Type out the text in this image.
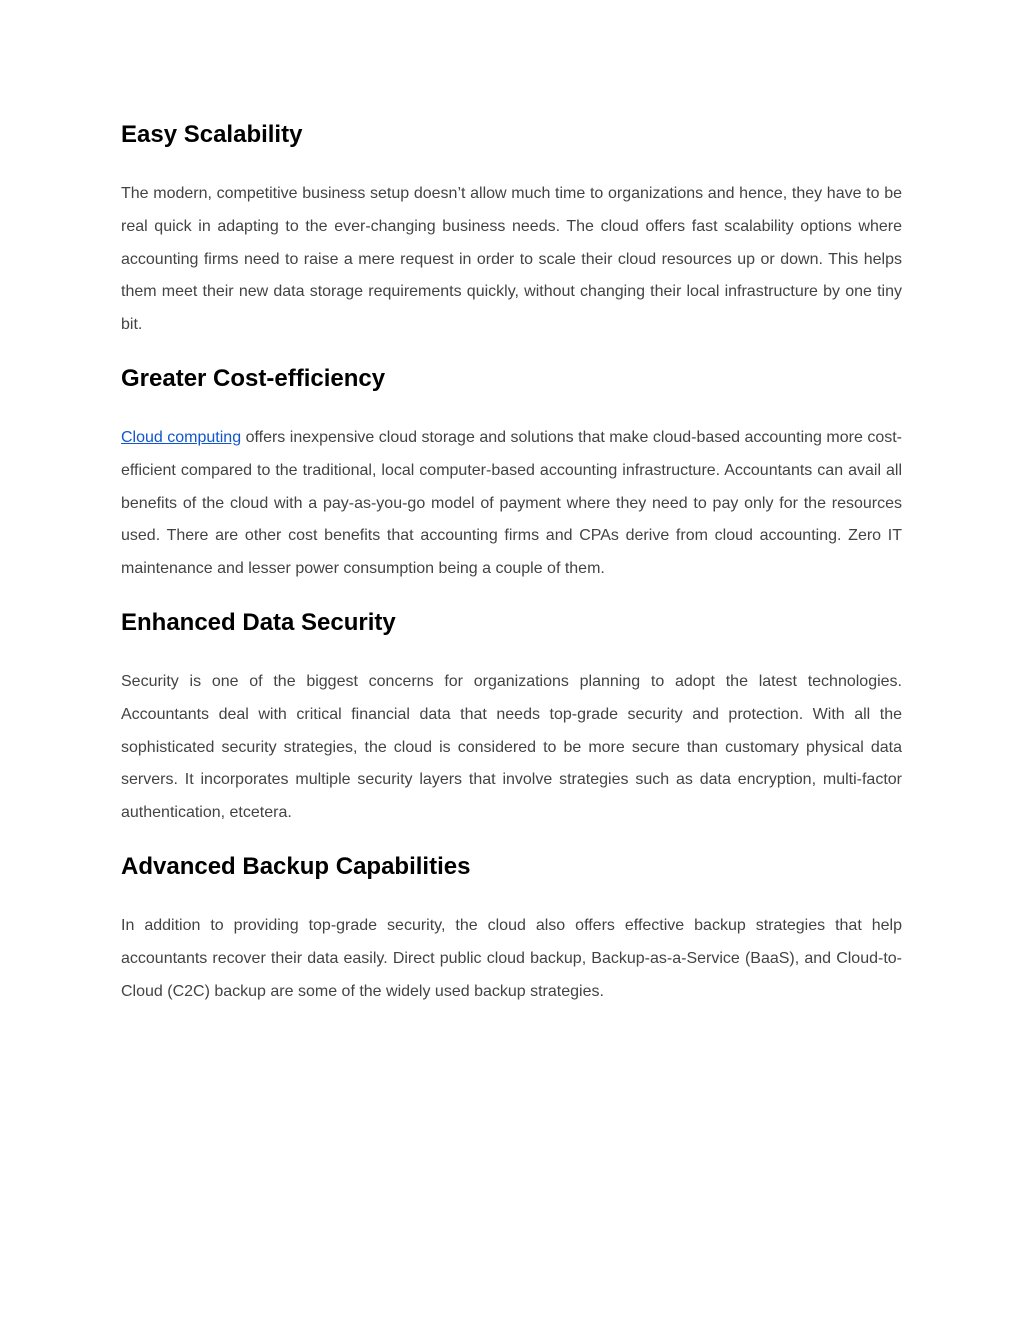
Easy Scalability

The modern, competitive business setup doesn’t allow much time to organizations and hence, they have to be real quick in adapting to the ever-changing business needs. The cloud offers fast scalability options where accounting firms need to raise a mere request in order to scale their cloud resources up or down. This helps them meet their new data storage requirements quickly, without changing their local infrastructure by one tiny bit.

Greater Cost-efficiency

Cloud computing offers inexpensive cloud storage and solutions that make cloud-based accounting more cost-efficient compared to the traditional, local computer-based accounting infrastructure. Accountants can avail all benefits of the cloud with a pay-as-you-go model of payment where they need to pay only for the resources used. There are other cost benefits that accounting firms and CPAs derive from cloud accounting. Zero IT maintenance and lesser power consumption being a couple of them.

Enhanced Data Security

Security is one of the biggest concerns for organizations planning to adopt the latest technologies. Accountants deal with critical financial data that needs top-grade security and protection. With all the sophisticated security strategies, the cloud is considered to be more secure than customary physical data servers. It incorporates multiple security layers that involve strategies such as data encryption, multi-factor authentication, etcetera.

Advanced Backup Capabilities

In addition to providing top-grade security, the cloud also offers effective backup strategies that help accountants recover their data easily. Direct public cloud backup, Backup-as-a-Service (BaaS), and Cloud-to-Cloud (C2C) backup are some of the widely used backup strategies.
